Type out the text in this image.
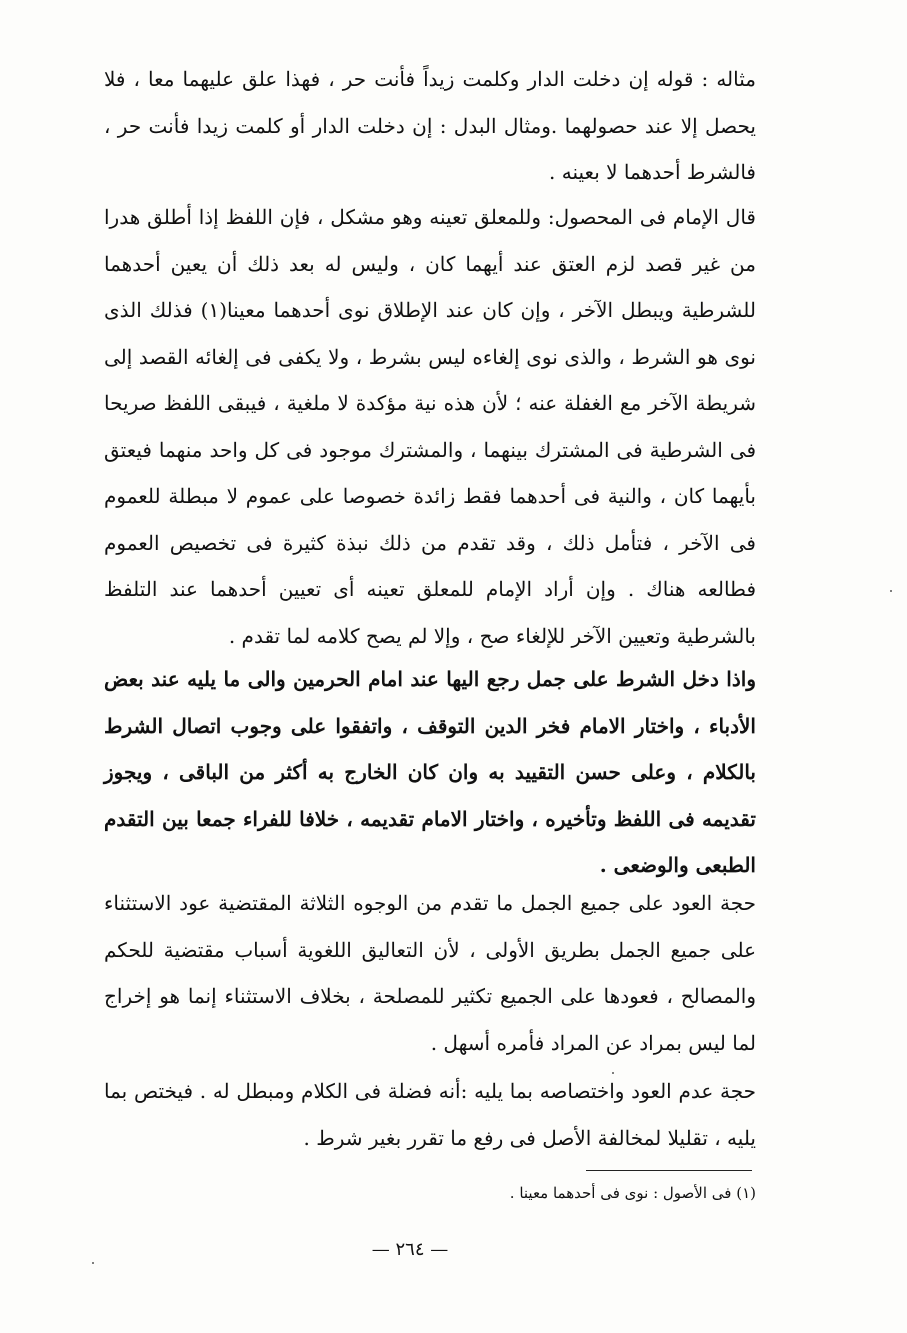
مثاله : قوله إن دخلت الدار وكلمت زيداً فأنت حر ، فهذا علق عليهما معا ، فلا يحصل إلا عند حصولهما .ومثال البدل : إن دخلت الدار أو كلمت زيدا فأنت حر ، فالشرط أحدهما لا بعينه .

قال الإمام فى المحصول: وللمعلق تعينه وهو مشكل ، فإن اللفظ إذا أطلق هدرا من غير قصد لزم العتق عند أيهما كان ، وليس له بعد ذلك أن يعين أحدهما للشرطية ويبطل الآخر ، وإن كان عند الإطلاق نوى أحدهما معينا(١) فذلك الذى نوى هو الشرط ، والذى نوى إلغاءه ليس بشرط ، ولا يكفى فى إلغائه القصد إلى شريطة الآخر مع الغفلة عنه ؛ لأن هذه نية مؤكدة لا ملغية ، فيبقى اللفظ صريحا فى الشرطية فى المشترك بينهما ، والمشترك موجود فى كل واحد منهما فيعتق بأيهما كان ، والنية فى أحدهما فقط زائدة خصوصا على عموم لا مبطلة للعموم فى الآخر ، فتأمل ذلك ، وقد تقدم من ذلك نبذة كثيرة فى تخصيص العموم فطالعه هناك . وإن أراد الإمام للمعلق تعينه أى تعيين أحدهما عند التلفظ بالشرطية وتعيين الآخر للإلغاء صح ، وإلا لم يصح كلامه لما تقدم .

واذا دخل الشرط على جمل رجع اليها عند امام الحرمين والى ما يليه عند بعض الأدباء ، واختار الامام فخر الدين التوقف ، واتفقوا على وجوب اتصال الشرط بالكلام ، وعلى حسن التقييد به وان كان الخارج به أكثر من الباقى ، ويجوز تقديمه فى اللفظ وتأخيره ، واختار الامام تقديمه ، خلافا للفراء جمعا بين التقدم الطبعى والوضعى .

حجة العود على جميع الجمل ما تقدم من الوجوه الثلاثة المقتضية عود الاستثناء على جميع الجمل بطريق الأولى ، لأن التعاليق اللغوية أسباب مقتضية للحكم والمصالح ، فعودها على الجميع تكثير للمصلحة ، بخلاف الاستثناء إنما هو إخراج لما ليس بمراد عن المراد فأمره أسهل .

حجة عدم العود واختصاصه بما يليه :أنه فضلة فى الكلام ومبطل له . فيختص بما يليه ، تقليلا لمخالفة الأصل فى رفع ما تقرر بغير شرط .

(١) فى الأصول : نوى فى أحدهما معينا .
— ٢٦٤ —
